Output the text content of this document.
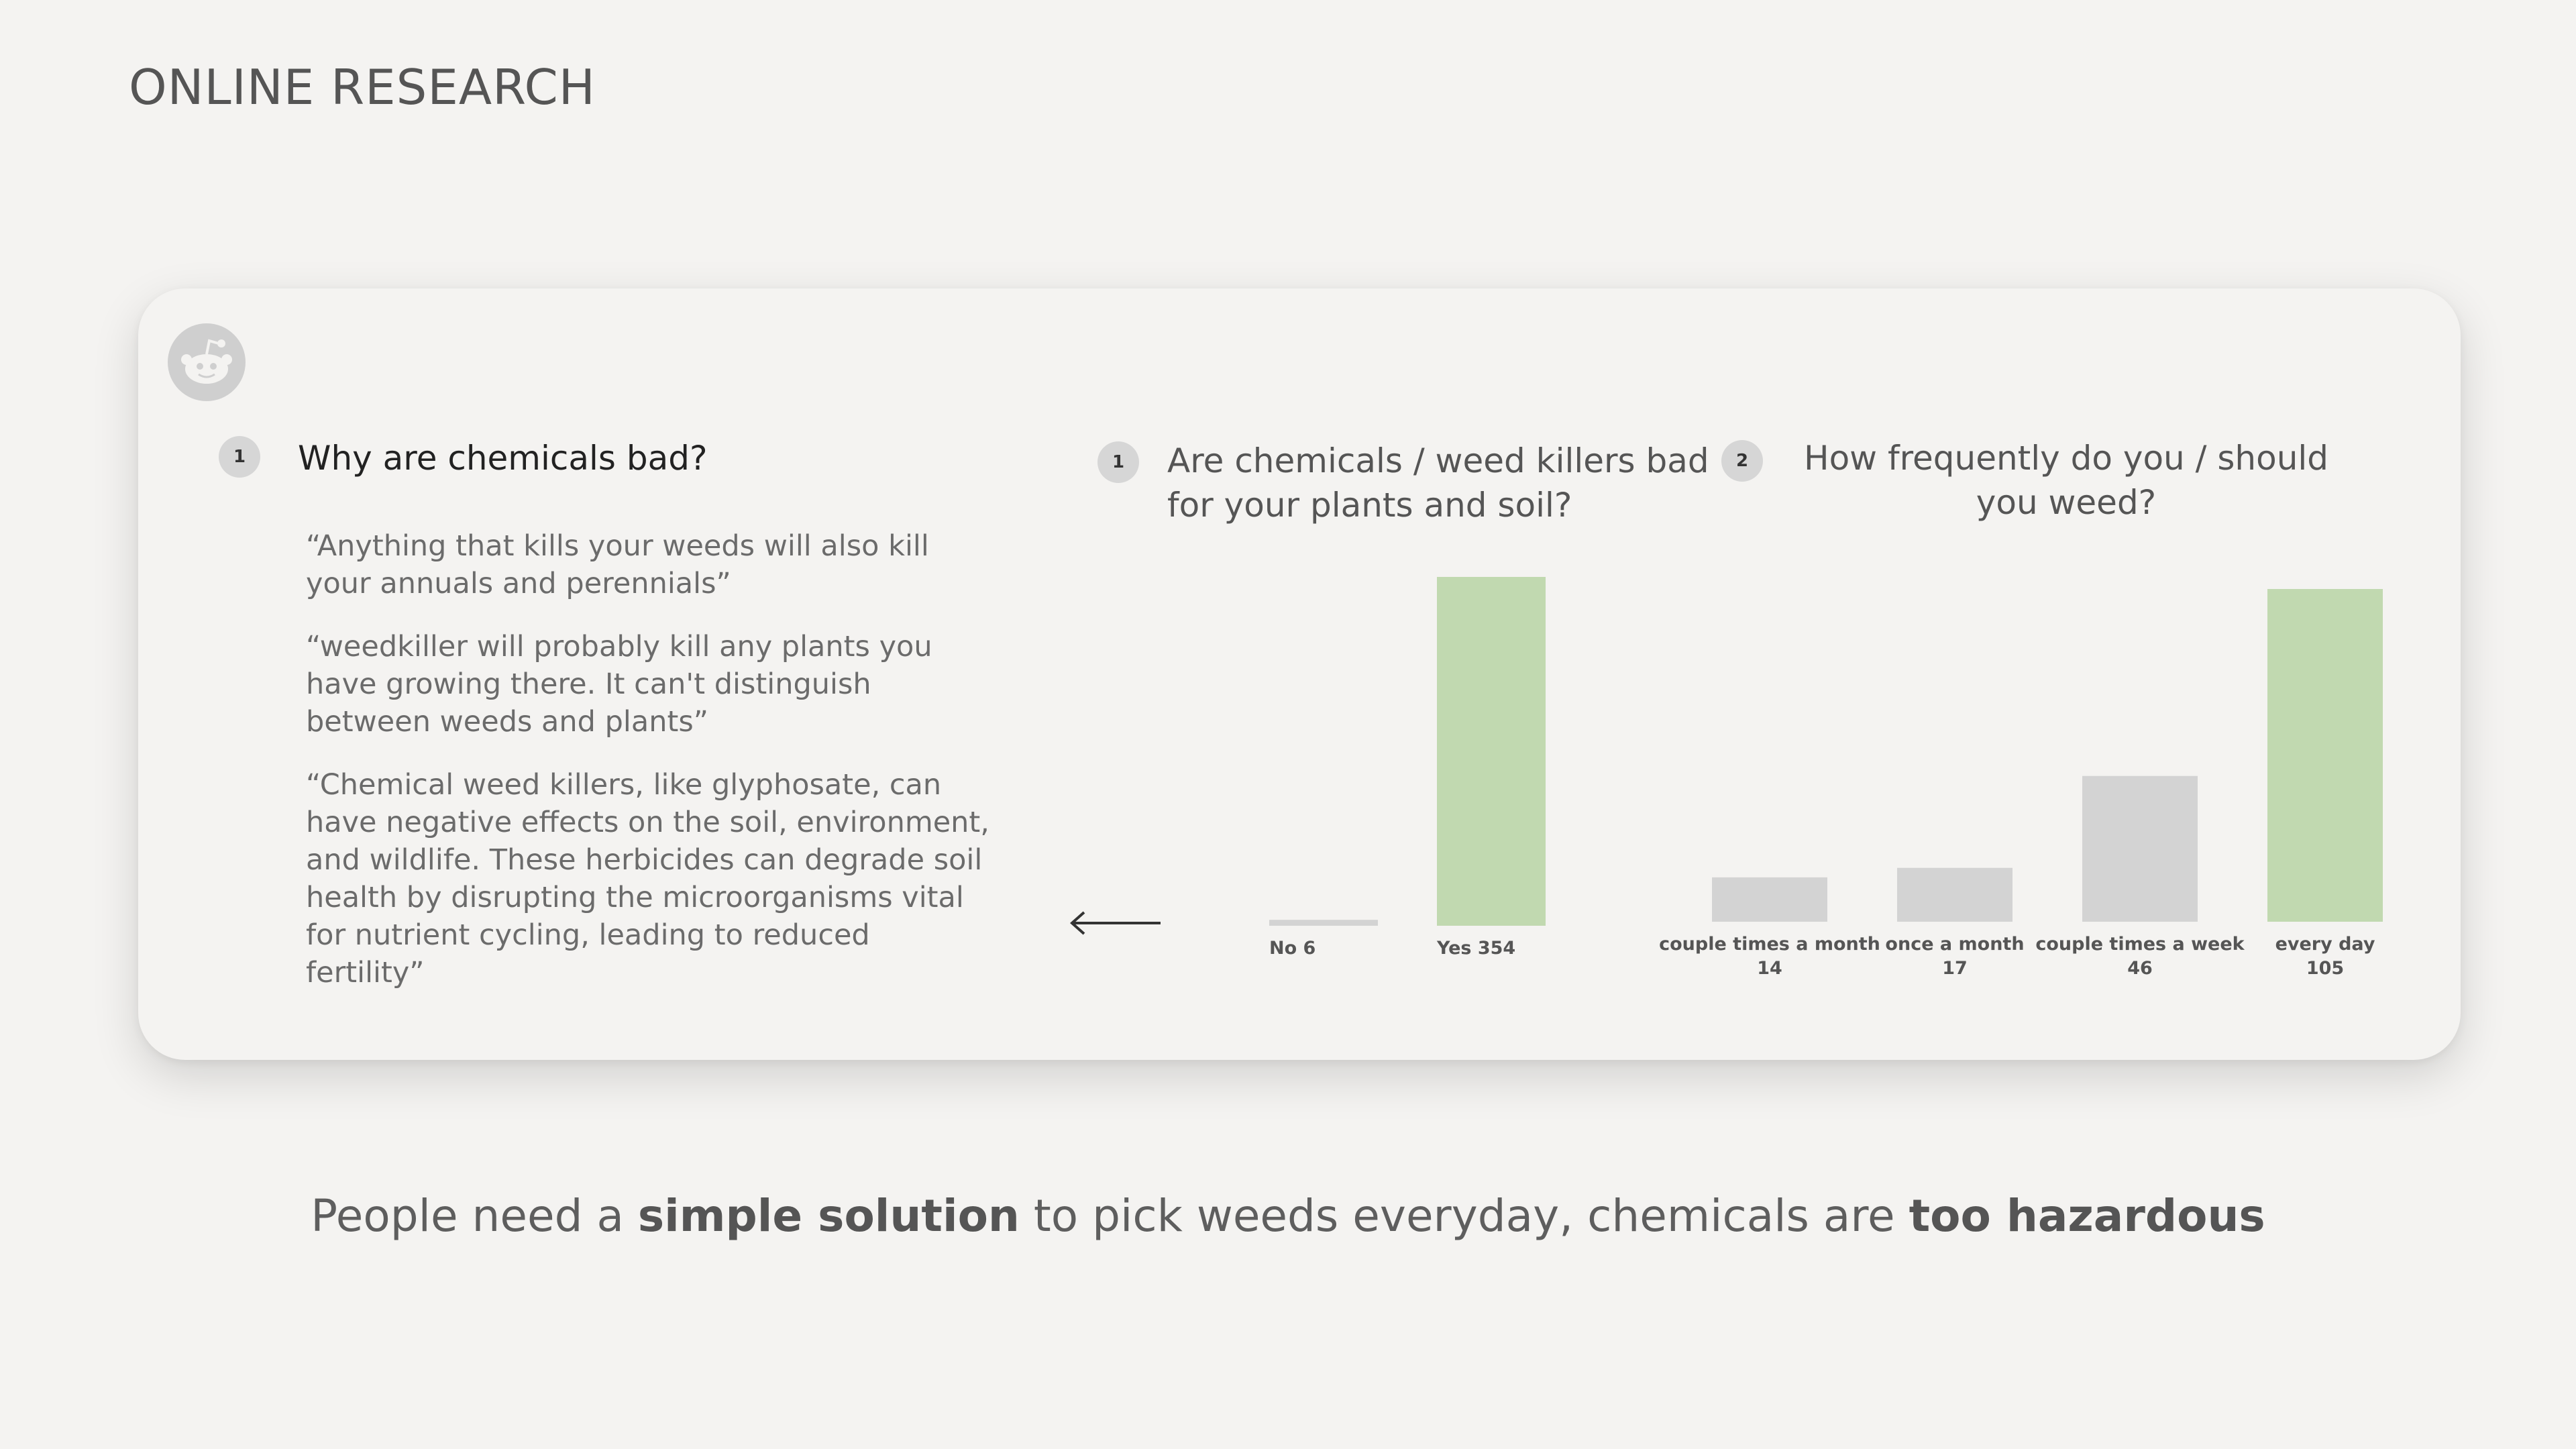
ONLINE RESEARCH
1	Why are chemicals bad?
“Anything that kills your weeds will also kill your annuals and perennials”
“weedkiller will probably kill any plants you have growing there. It can't distinguish between weeds and plants”
“Chemical weed killers, like glyphosate, can have negative effects on the soil, environment, and wildlife. These herbicides can degrade soil health by disrupting the microorganisms vital for nutrient cycling, leading to reduced fertility”
1	Are chemicals / weed killers bad for your plants and soil?
2	How frequently do you / should you weed?
No 6	Yes 354	couple times a month
14
once a month
17
couple times a week
46
every day
105
People need a simple solution to pick weeds everyday, chemicals are too hazardous
